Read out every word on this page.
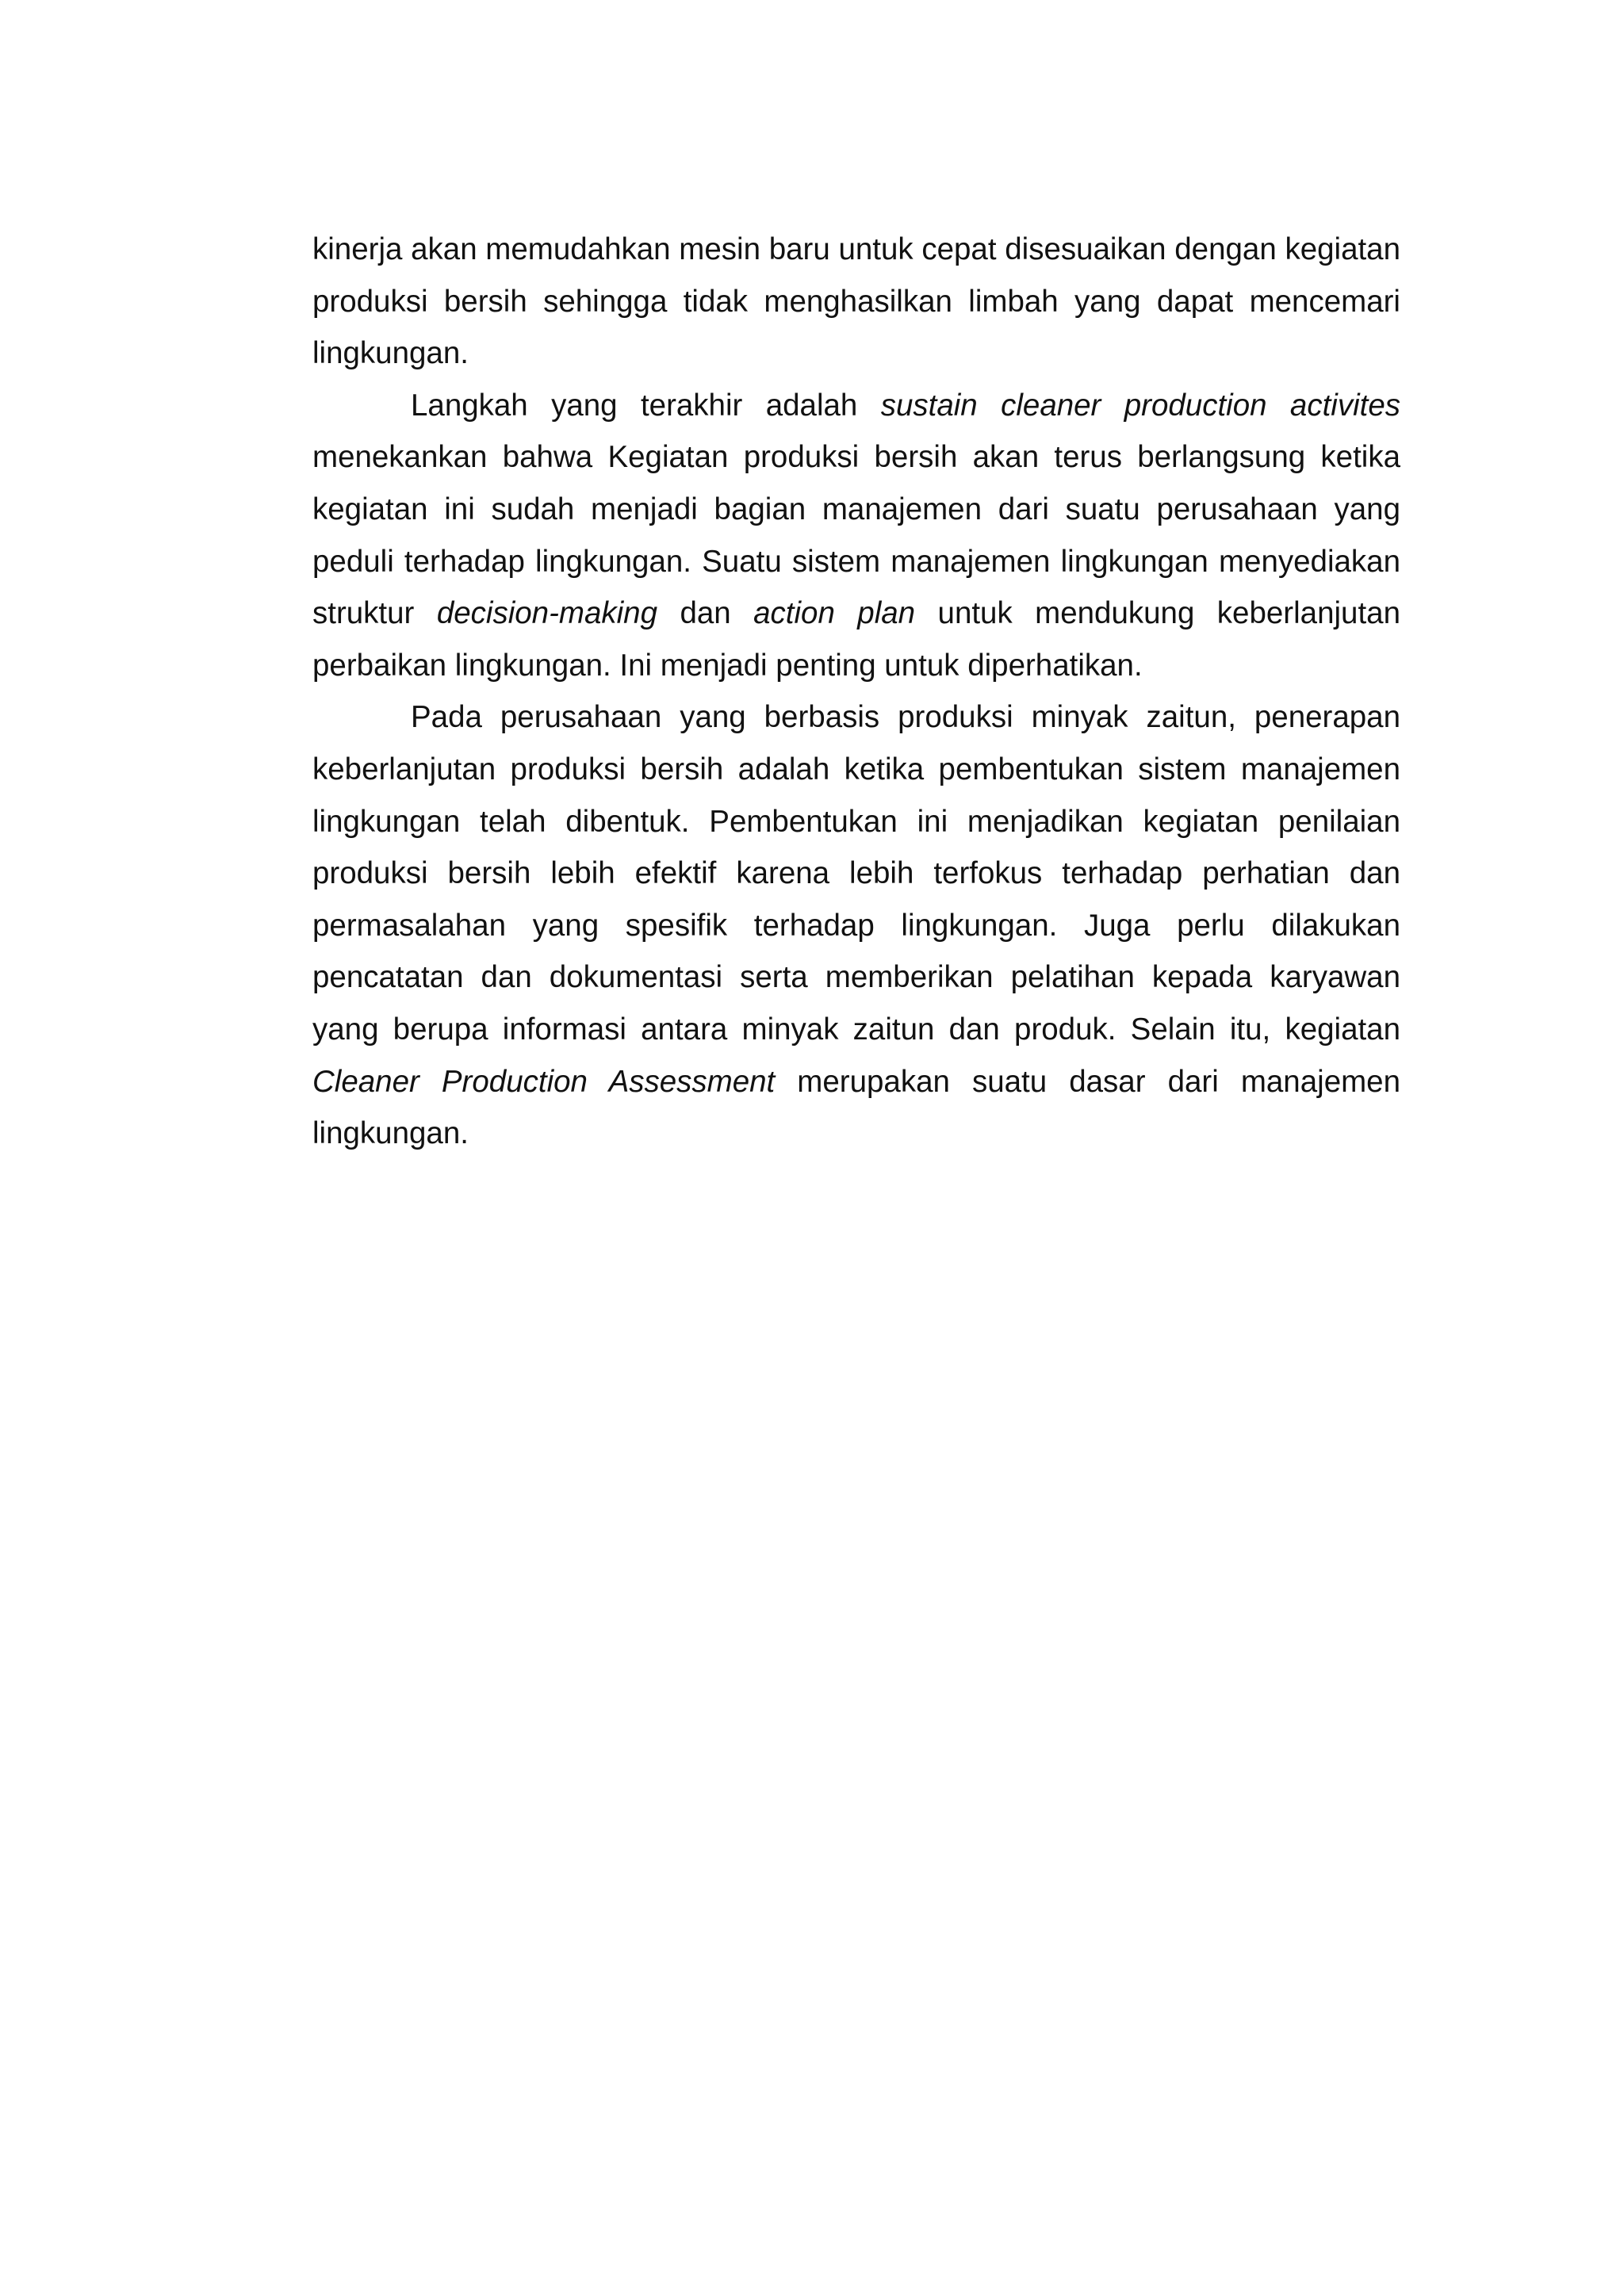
kinerja akan memudahkan mesin baru untuk cepat disesuaikan dengan kegiatan produksi bersih sehingga tidak menghasilkan limbah yang dapat mencemari lingkungan.

Langkah yang terakhir adalah sustain cleaner production activites menekankan bahwa Kegiatan produksi bersih akan terus berlangsung ketika kegiatan ini sudah menjadi bagian manajemen dari suatu perusahaan yang peduli terhadap lingkungan. Suatu sistem manajemen lingkungan menyediakan struktur decision-making dan action plan untuk mendukung keberlanjutan perbaikan lingkungan. Ini menjadi penting untuk diperhatikan.

Pada perusahaan yang berbasis produksi minyak zaitun, penerapan keberlanjutan produksi bersih adalah ketika pembentukan sistem manajemen lingkungan telah dibentuk. Pembentukan ini menjadikan kegiatan penilaian produksi bersih lebih efektif karena lebih terfokus terhadap perhatian dan permasalahan yang spesifik terhadap lingkungan. Juga perlu dilakukan pencatatan dan dokumentasi serta memberikan pelatihan kepada karyawan yang berupa informasi antara minyak zaitun dan produk. Selain itu, kegiatan Cleaner Production Assessment merupakan suatu dasar dari manajemen lingkungan.
